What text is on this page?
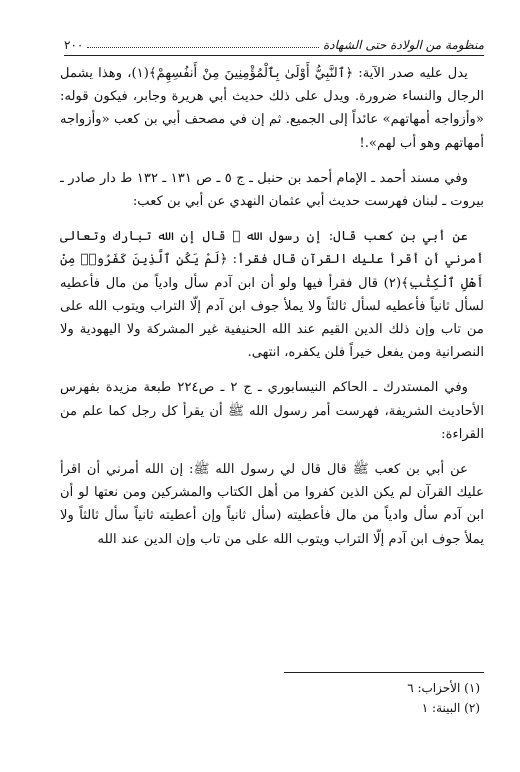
منظومة من الولادة حتى الشهادة
٢٠٠

يدل عليه صدر الآية: ﴿ٱلنَّبِيُّ أَوْلَىٰ بِٱلْمُؤْمِنِينَ مِنْ أَنفُسِهِمْ﴾(١)، وهذا يشمل الرجال والنساء ضرورة. ويدل على ذلك حديث أبي هريرة وجابر، فيكون قوله: «وأزواجه أمهاتهم» عائداً إلى الجميع. ثم إن في مصحف أبي بن كعب «وأزواجه أمهاتهم وهو أب لهم».!

وفي مسند أحمد ـ الإمام أحمد بن حنبل ـ ج ٥ ـ ص ١٣١ ـ ١٣٢ ط دار صادر ـ بيروت ـ لبنان فهرست حديث أبي عثمان النهدي عن أبي بن كعب:

عن أبي بن كعب قال: إن رسول الله ﷺ قال إن الله تبارك وتعالى أمرني أن أقرأ عليك القرآن قال فقرأ: ﴿لَمْ يَكُنِ ٱلَّذِينَ كَفَرُوا۟ مِنْ أَهْلِ ٱلْكِتَٰبِ﴾(٢) قال فقرأ فيها ولو أن ابن آدم سأل وادياً من مال فأعطيه لسأل ثانياً فأعطيه لسأل ثالثاً ولا يملأ جوف ابن آدم إلّا التراب ويتوب الله على من تاب وإن ذلك الدين القيم عند الله الحنيفية غير المشركة ولا اليهودية ولا النصرانية ومن يفعل خيراً فلن يكفره، انتهى.

وفي المستدرك ـ الحاكم النيسابوري ـ ج ٢ ـ ص٢٢٤ طبعة مزيدة بفهرس الأحاديث الشريفة، فهرست أمر رسول الله ﷺ أن يقرأ كل رجل كما علم من القراءة:

عن أبي بن كعب ﷺ قال قال لي رسول الله ﷺ: إن الله أمرني أن اقرأ عليك القرآن لم يكن الذين كفروا من أهل الكتاب والمشركين ومن نعتها لو أن ابن آدم سأل وادياً من مال فأعطيته (سأل ثانياً وإن أعطيته ثانياً سأل ثالثاً ولا يملأ جوف ابن آدم إلّا التراب ويتوب الله على من تاب وإن الدين عند الله

(١) الأحزاب: ٦
(٢) البينة: ١
